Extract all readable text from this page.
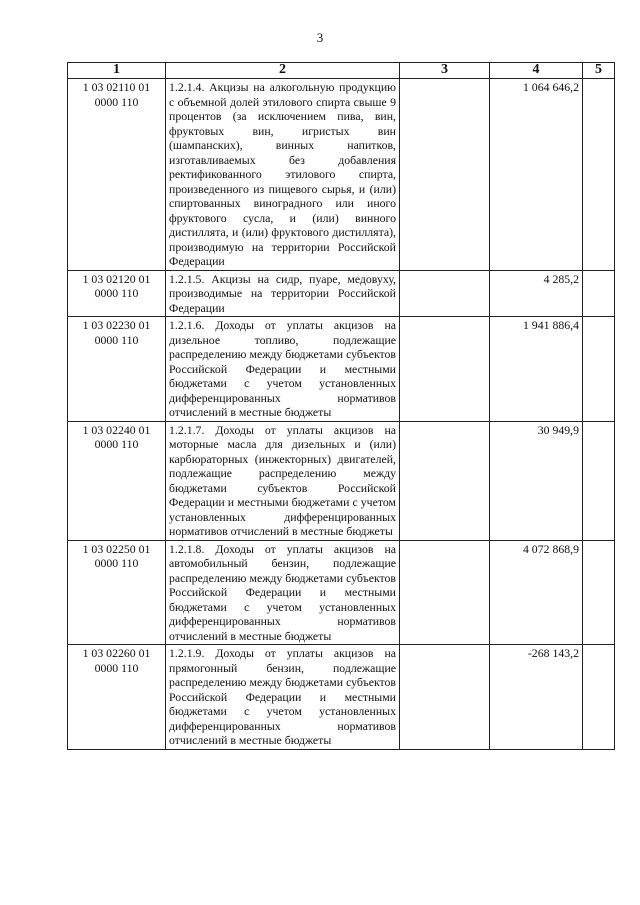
3
1	2	3	4	5
1 03 02110 01 0000 110	1.2.1.4. Акцизы на алкогольную продукцию с объемной долей этилового спирта свыше 9 процентов (за исключением пива, вин, фруктовых вин, игристых вин (шампанских), винных напитков, изготавливаемых без добавления ректификованного этилового спирта, произведенного из пищевого сырья, и (или) спиртованных виноградного или иного фруктового сусла, и (или) винного дистиллята, и (или) фруктового дистиллята), производимую на территории Российской Федерации		1 064 646,2	
1 03 02120 01 0000 110	1.2.1.5. Акцизы на сидр, пуаре, медовуху, производимые на территории Российской Федерации		4 285,2	
1 03 02230 01 0000 110	1.2.1.6. Доходы от уплаты акцизов на дизельное топливо, подлежащие распределению между бюджетами субъектов Российской Федерации и местными бюджетами с учетом установленных дифференцированных нормативов отчислений в местные бюджеты		1 941 886,4	
1 03 02240 01 0000 110	1.2.1.7. Доходы от уплаты акцизов на моторные масла для дизельных и (или) карбюраторных (инжекторных) двигателей, подлежащие распределению между бюджетами субъектов Российской Федерации и местными бюджетами с учетом установленных дифференцированных нормативов отчислений в местные бюджеты		30 949,9	
1 03 02250 01 0000 110	1.2.1.8. Доходы от уплаты акцизов на автомобильный бензин, подлежащие распределению между бюджетами субъектов Российской Федерации и местными бюджетами с учетом установленных дифференцированных нормативов отчислений в местные бюджеты		4 072 868,9	
1 03 02260 01 0000 110	1.2.1.9. Доходы от уплаты акцизов на прямогонный бензин, подлежащие распределению между бюджетами субъектов Российской Федерации и местными бюджетами с учетом установленных дифференцированных нормативов отчислений в местные бюджеты		-268 143,2	
